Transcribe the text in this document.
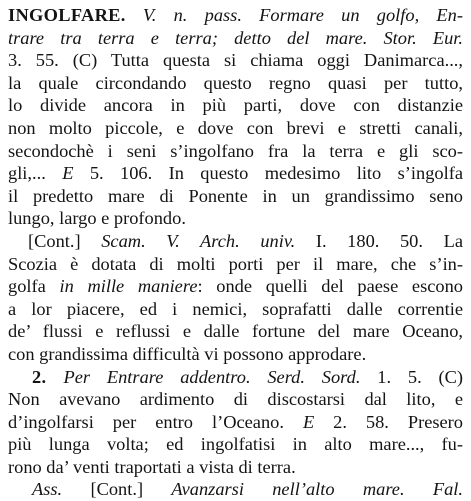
INGOLFARE. V. n. pass. Formare un golfo, En-
trare tra terra e terra; detto del mare. Stor. Eur.
3. 55. (C) Tutta questa si chiama oggi Danimarca...,
la quale circondando questo regno quasi per tutto,
lo divide ancora in più parti, dove con distanzie
non molto piccole, e dove con brevi e stretti canali,
secondochè i seni s’ingolfano fra la terra e gli sco-
gli,... E 5. 106. In questo medesimo lito s’ingolfa
il predetto mare di Ponente in un grandissimo seno
lungo, largo e profondo.
[Cont.] Scam. V. Arch. univ. I. 180. 50. La
Scozia è dotata di molti porti per il mare, che s’in-
golfa in mille maniere: onde quelli del paese escono
a lor piacere, ed i nemici, soprafatti dalle correntie
de’ flussi e reflussi e dalle fortune del mare Oceano,
con grandissima difficultà vi possono approdare.
2. Per Entrare addentro. Serd. Sord. 1. 5. (C)
Non avevano ardimento di discostarsi dal lito, e
d’ingolfarsi per entro l’Oceano. E 2. 58. Presero
più lunga volta; ed ingolfatisi in alto mare..., fu-
rono da’ venti traportati a vista di terra.
Ass. [Cont.] Avanzarsi nell’alto mare. Fal.
